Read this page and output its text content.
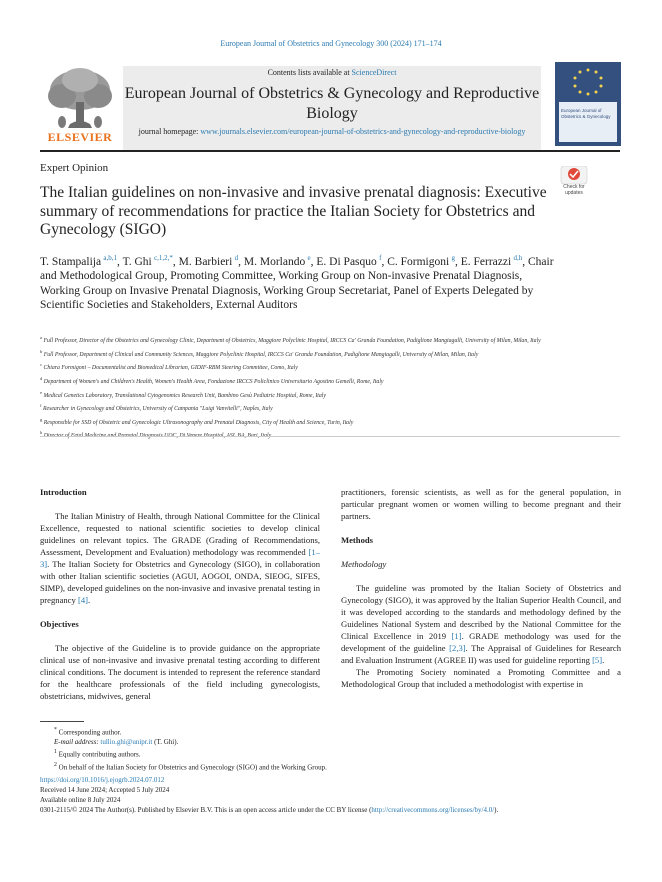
European Journal of Obstetrics and Gynecology 300 (2024) 171–174
ELSEVIER
Contents lists available at ScienceDirect
European Journal of Obstetrics & Gynecology and Reproductive Biology
journal homepage: www.journals.elsevier.com/european-journal-of-obstetrics-and-gynecology-and-reproductive-biology
European Journal of Obstetrics & Gynecology
Expert Opinion
Check for updates
The Italian guidelines on non-invasive and invasive prenatal diagnosis: Executive summary of recommendations for practice the Italian Society for Obstetrics and Gynecology (SIGO)
T. Stampalija  $^{a,b,1}$, T. Ghi  $^{c,1,2,*}$, M. Barbieri  $^d$, M. Morlando  $^e$, E. Di Pasquo  $^f$, C. Formigoni  $^g$, E. Ferrazzi  $^{d,h}$, Chair and Methodological Group, Promoting Committee, Working Group on Non-invasive Prenatal Diagnosis, Working Group on Invasive Prenatal Diagnosis, Working Group Secretariat, Panel of Experts Delegated by Scientific Societies and Stakeholders, External Auditors
$^a$ Full Professor, Director of the Obstetrics and Gynecology Clinic, Department of Obstetrics, Maggiore Polyclinic Hospital, IRCCS Ca' Granda Foundation, Padiglione Mangiagalli, University of Milan, Milan, Italy
$^b$ Full Professor, Department of Clinical and Community Sciences, Maggiore Polyclinic Hospital, IRCCS Ca' Granda Foundation, Padiglione Mangiagalli, University of Milan, Milan, Italy
$^c$ Chiara Formigoni – Documentalist and Biomedical Librarian, GIDIF-RBM Steering Committee, Como, Italy
$^d$ Department of Women's and Children's Health, Women's Health Area, Fondazione IRCCS Policlinico Universitario Agostino Gemelli, Rome, Italy
$^e$ Medical Genetics Laboratory, Translational Cytogenomics Research Unit, Bambino Gesù Pediatric Hospital, Rome, Italy
$^f$ Researcher in Gynecology and Obstetrics, University of Campania "Luigi Vanvitelli", Naples, Italy
$^g$ Responsible for SSD of Obstetric and Gynecologic Ultrasonography and Prenatal Diagnosis, City of Health and Science, Turin, Italy
$^h$
Introduction
The Italian Ministry of Health, through National Committee for the Clinical Excellence, requested to national scientific societies to develop clinical guidelines on relevant topics. The GRADE (Grading of Recommendations, Assessment, Development and Evaluation) methodology was recommended [1–3]. The Italian Society for Obstetrics and Gynecology (SIGO), in collaboration with other Italian scientific societies (AGUI, AOGOI, ONDA, SIEOG, SIFES, SIMP), developed guidelines on the non-invasive and invasive prenatal testing in pregnancy [4].
Objectives
The objective of the Guideline is to provide guidance on the appropriate clinical use of non-invasive and invasive prenatal testing according to different clinical conditions. The document is intended to represent the reference standard for the healthcare professionals of the field including gynecologists, obstetricians, midwives, general
practitioners, forensic scientists, as well as for the general population, in particular pregnant women or women willing to become pregnant and their partners.
Methods
Methodology
The guideline was promoted by the Italian Society of Obstetrics and Gynecology (SIGO), it was approved by the Italian Superior Health Council, and it was developed according to the standards and methodology defined by the Guidelines National System and described by the National Committee for the Clinical Excellence in 2019 [1]. GRADE methodology was used for the development of the guideline [2,3]. The Appraisal of Guidelines for Research and Evaluation Instrument (AGREE II) was used for guideline reporting [5].
The Promoting Society nominated a Promoting Committee and a Methodological Group that included a methodologist with expertise in
* Corresponding author.
E-mail address: tullio.ghi@unipr.it (T. Ghi).
$^1$ Equally contributing authors.
$^2$ On behalf of the Italian Society for Obstetrics and Gynecology (SIGO) and the Working Group.
https://doi.org/10.1016/j.ejogrb.2024.07.012
Received 14 June 2024; Accepted 5 July 2024
Available online 8 July 2024
0301-2115/© 2024 The Author(s). Published by Elsevier B.V. This is an open access article under the CC BY license (http://creativecommons.org/licenses/by/4.0/).
